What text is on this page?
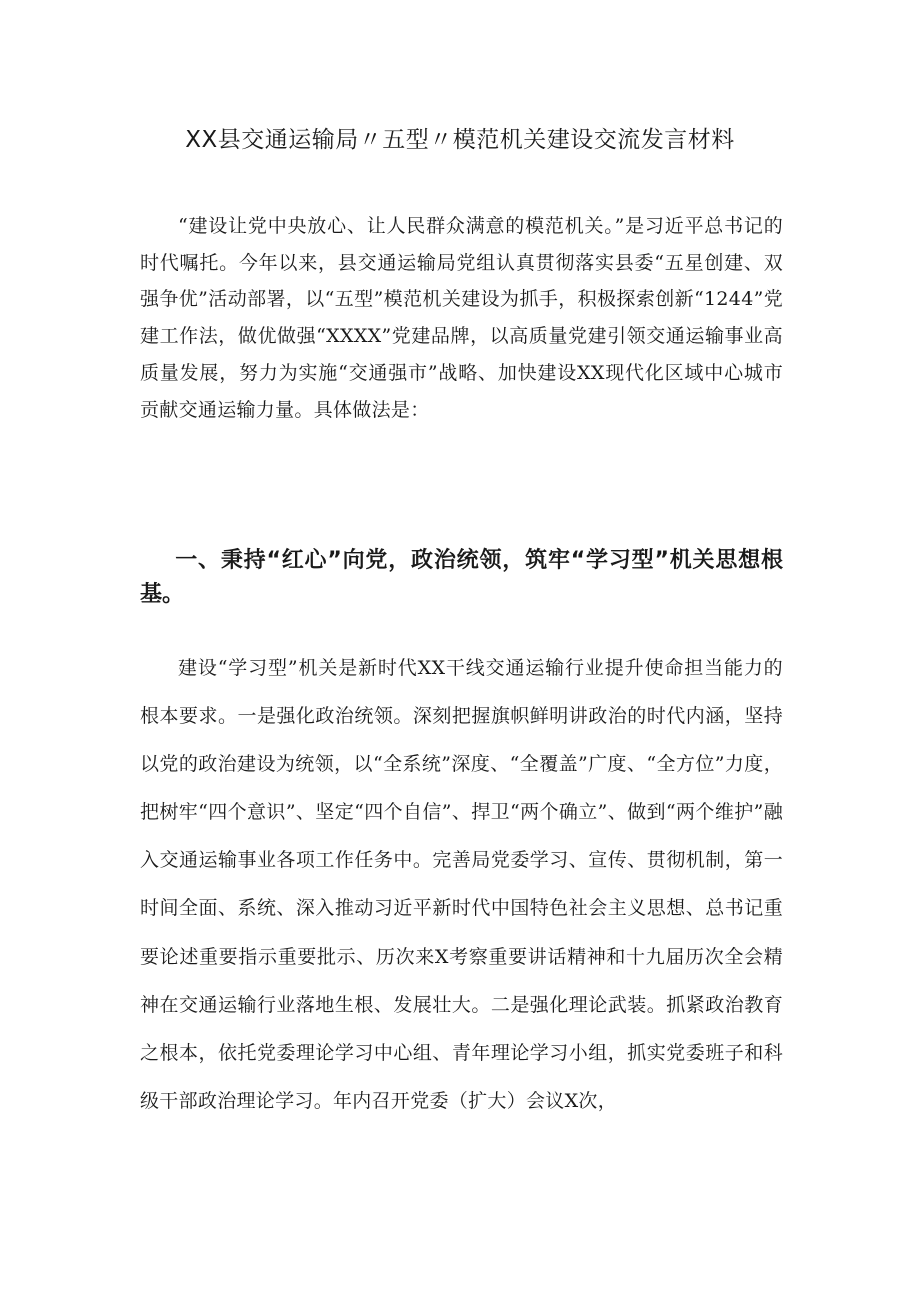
XX县交通运输局〃五型〃模范机关建设交流发言材料

“建设让党中央放心、让人民群众满意的模范机关。”是习近平总书记的时代嘱托。今年以来，县交通运输局党组认真贯彻落实县委“五星创建、双强争优”活动部署，以“五型”模范机关建设为抓手，积极探索创新“1244”党建工作法，做优做强“XXXX”党建品牌，以高质量党建引领交通运输事业高质量发展，努力为实施“交通强市”战略、加快建设XX现代化区域中心城市贡献交通运输力量。具体做法是：

一、秉持“红心”向党，政治统领，筑牢“学习型”机关思想根基。

建设“学习型”机关是新时代XX干线交通运输行业提升使命担当能力的根本要求。一是强化政治统领。深刻把握旗帜鲜明讲政治的时代内涵，坚持以党的政治建设为统领，以“全系统”深度、“全覆盖”广度、“全方位”力度，把树牢“四个意识”、坚定“四个自信”、捍卫“两个确立”、做到“两个维护”融入交通运输事业各项工作任务中。完善局党委学习、宣传、贯彻机制，第一时间全面、系统、深入推动习近平新时代中国特色社会主义思想、总书记重要论述重要指示重要批示、历次来X考察重要讲话精神和十九届历次全会精神在交通运输行业落地生根、发展壮大。二是强化理论武装。抓紧政治教育之根本，依托党委理论学习中心组、青年理论学习小组，抓实党委班子和科级干部政治理论学习。年内召开党委（扩大）会议X次，
